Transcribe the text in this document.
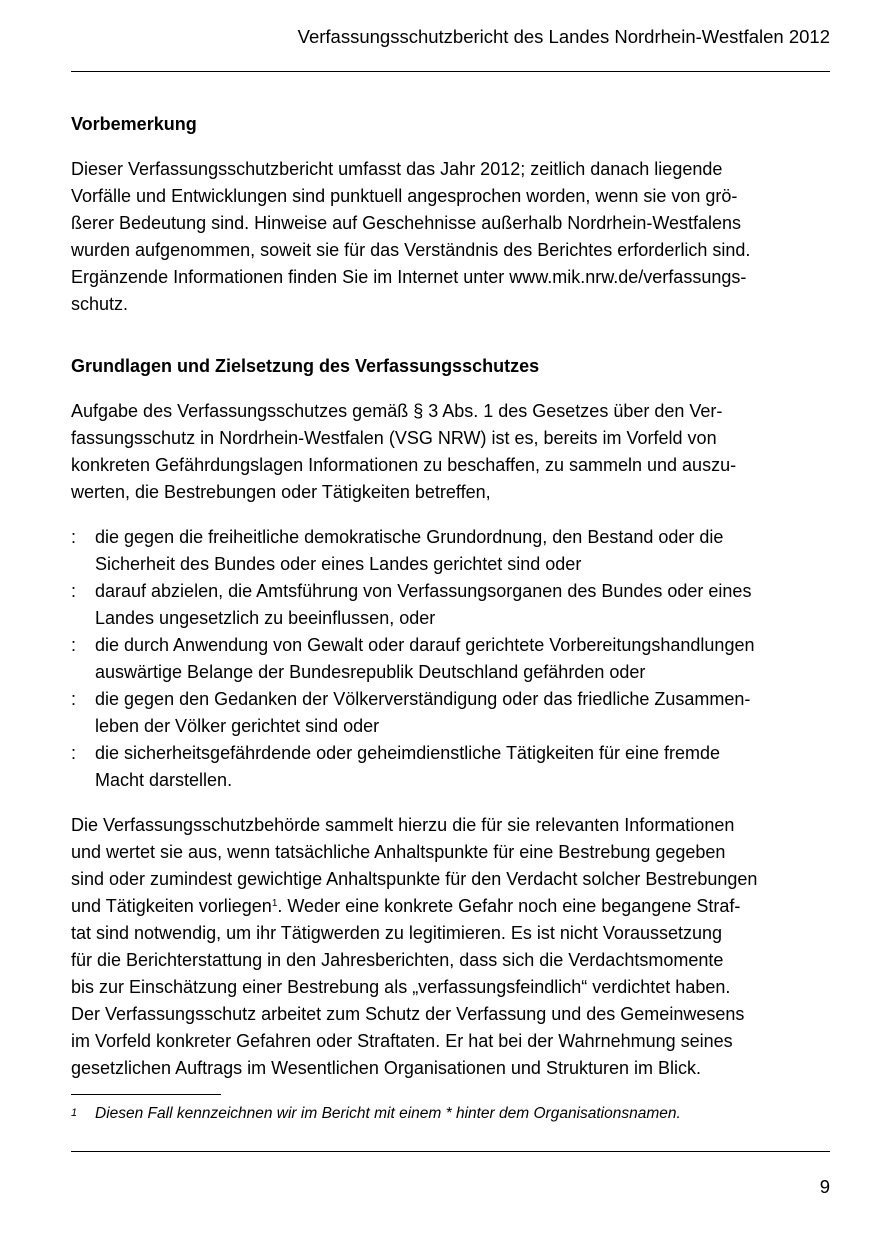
Verfassungsschutzbericht des Landes Nordrhein-Westfalen 2012
Vorbemerkung
Dieser Verfassungsschutzbericht umfasst das Jahr 2012; zeitlich danach liegende
Vorfälle und Entwicklungen sind punktuell angesprochen worden, wenn sie von grö-
ßerer Bedeutung sind. Hinweise auf Geschehnisse außerhalb Nordrhein-Westfalens
wurden aufgenommen, soweit sie für das Verständnis des Berichtes erforderlich sind.
Ergänzende Informationen finden Sie im Internet unter www.mik.nrw.de/verfassungs-
schutz.
Grundlagen und Zielsetzung des Verfassungsschutzes
Aufgabe des Verfassungsschutzes gemäß § 3 Abs. 1 des Gesetzes über den Ver-
fassungsschutz in Nordrhein-Westfalen (VSG NRW) ist es, bereits im Vorfeld von
konkreten Gefährdungslagen Informationen zu beschaffen, zu sammeln und auszu-
werten, die Bestrebungen oder Tätigkeiten betreffen,
: die gegen die freiheitliche demokratische Grundordnung, den Bestand oder die
Sicherheit des Bundes oder eines Landes gerichtet sind oder
: darauf abzielen, die Amtsführung von Verfassungsorganen des Bundes oder eines
Landes ungesetzlich zu beeinflussen, oder
: die durch Anwendung von Gewalt oder darauf gerichtete Vorbereitungshandlungen
auswärtige Belange der Bundesrepublik Deutschland gefährden oder
: die gegen den Gedanken der Völkerverständigung oder das friedliche Zusammen-
leben der Völker gerichtet sind oder
: die sicherheitsgefährdende oder geheimdienstliche Tätigkeiten für eine fremde
Macht darstellen.
Die Verfassungsschutzbehörde sammelt hierzu die für sie relevanten Informationen
und wertet sie aus, wenn tatsächliche Anhaltspunkte für eine Bestrebung gegeben
sind oder zumindest gewichtige Anhaltspunkte für den Verdacht solcher Bestrebungen
und Tätigkeiten vorliegen$^1$. Weder eine konkrete Gefahr noch eine begangene Straf-
tat sind notwendig, um ihr Tätigwerden zu legitimieren. Es ist nicht Voraussetzung
für die Berichterstattung in den Jahresberichten, dass sich die Verdachtsmomente
bis zur Einschätzung einer Bestrebung als „verfassungsfeindlich“ verdichtet haben.
Der Verfassungsschutz arbeitet zum Schutz der Verfassung und des Gemeinwesens
im Vorfeld konkreter Gefahren oder Straftaten. Er hat bei der Wahrnehmung seines
gesetzlichen Auftrags im Wesentlichen Organisationen und Strukturen im Blick.
1 Diesen Fall kennzeichnen wir im Bericht mit einem * hinter dem Organisationsnamen.
9
